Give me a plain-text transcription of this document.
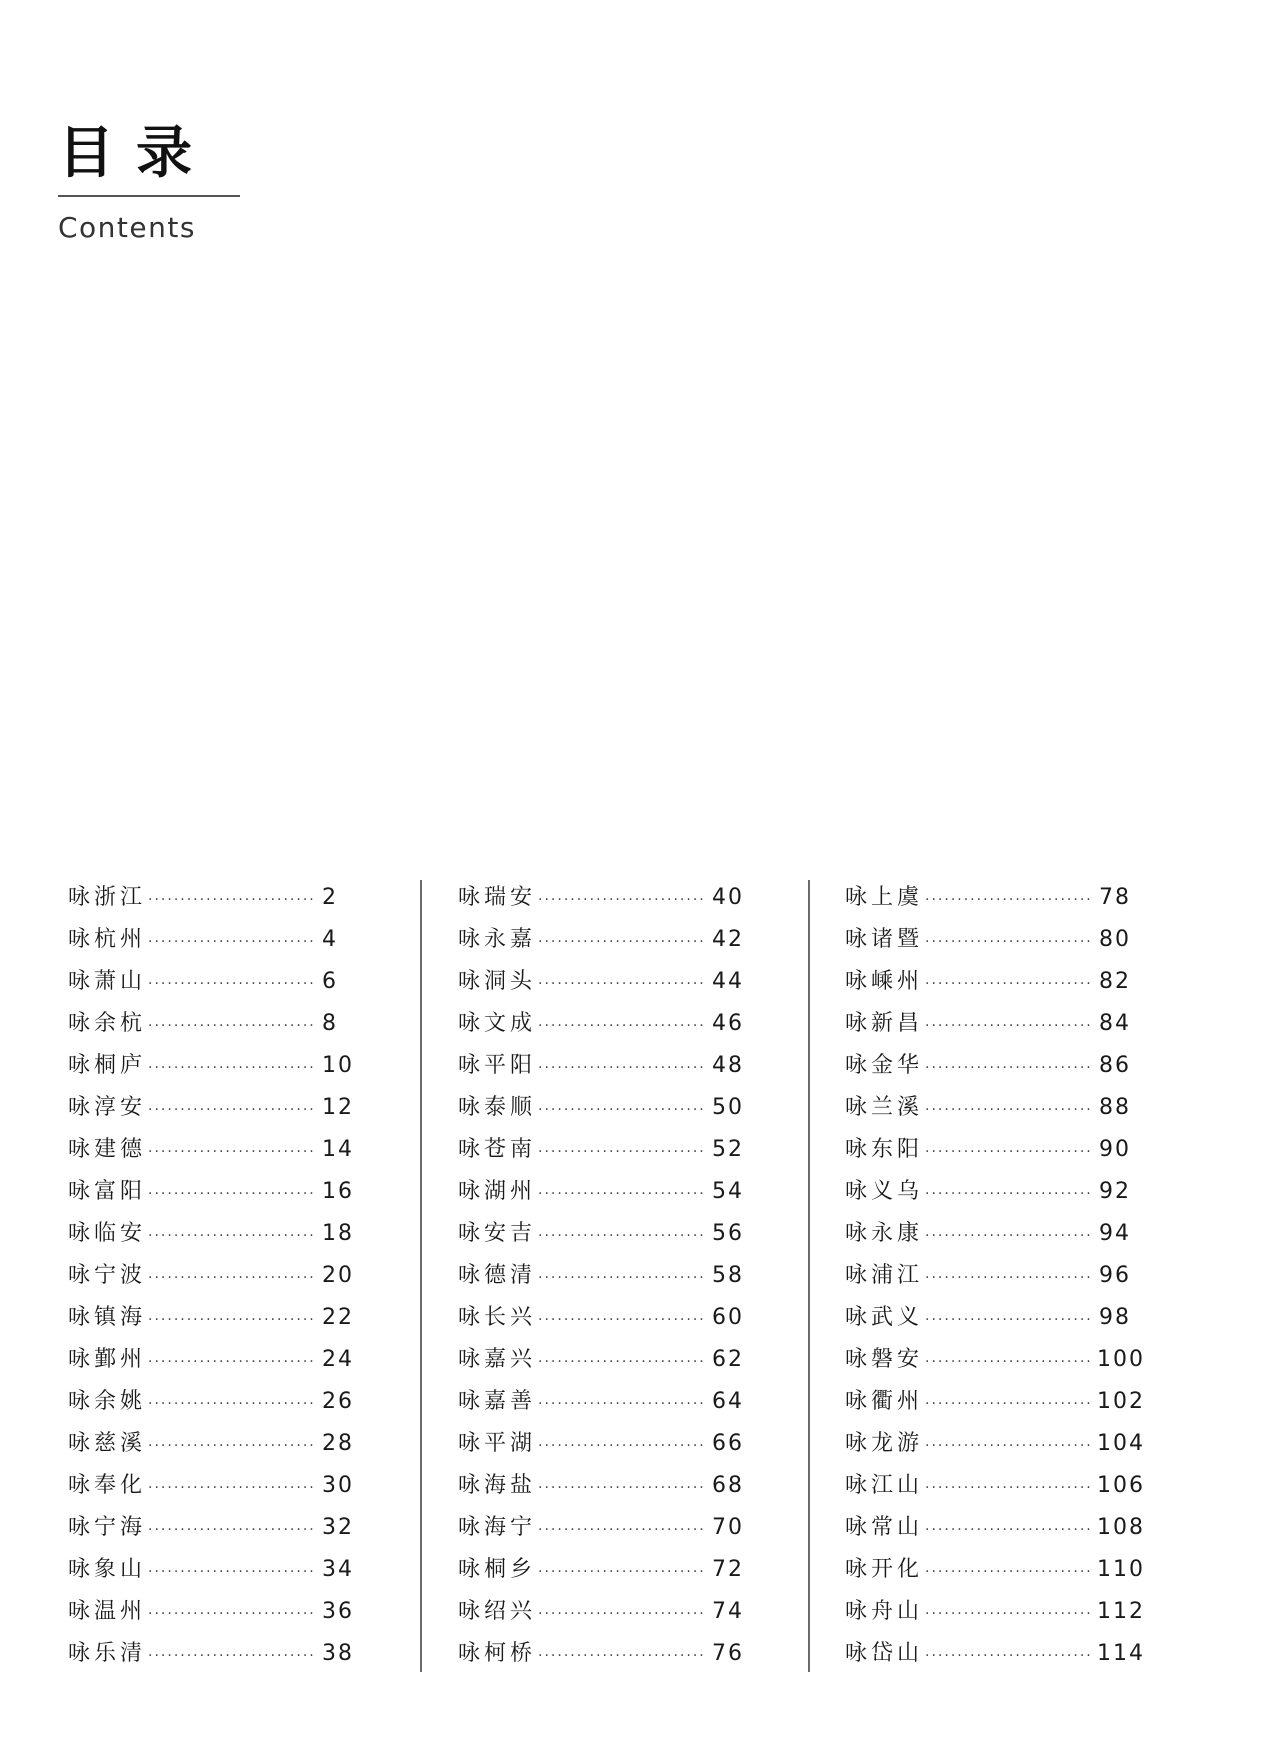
目录
Contents
咏浙江 ·····	2
咏杭州 ·····	4
咏萧山 ·····	6
咏余杭 ·····	8
咏桐庐 ·····	10
咏淳安 ·····	12
咏建德 ·····	14
咏富阳 ·····	16
咏临安 ·····	18
咏宁波 ·····	20
咏镇海 ·····	22
咏鄞州 ·····	24
咏余姚 ·····	26
咏慈溪 ·····	28
咏奉化 ·····	30
咏宁海 ·····	32
咏象山 ·····	34
咏温州 ·····	36
咏乐清 ·····	38
咏瑞安 ·····	40
咏永嘉 ·····	42
咏洞头 ·····	44
咏文成 ·····	46
咏平阳 ·····	48
咏泰顺 ·····	50
咏苍南 ·····	52
咏湖州 ·····	54
咏安吉 ·····	56
咏德清 ·····	58
咏长兴 ·····	60
咏嘉兴 ·····	62
咏嘉善 ·····	64
咏平湖 ·····	66
咏海盐 ·····	68
咏海宁 ·····	70
咏桐乡 ·····	72
咏绍兴 ·····	74
咏柯桥 ·····	76
咏上虞 ·····	78
咏诸暨 ·····	80
咏嵊州 ·····	82
咏新昌 ·····	84
咏金华 ·····	86
咏兰溪 ·····	88
咏东阳 ·····	90
咏义乌 ·····	92
咏永康 ·····	94
咏浦江 ·····	96
咏武义 ·····	98
咏磐安 ·····	100
咏衢州 ·····	102
咏龙游 ·····	104
咏江山 ·····	106
咏常山 ·····	108
咏开化 ·····	110
咏舟山 ·····	112
咏岱山 ·····	114
